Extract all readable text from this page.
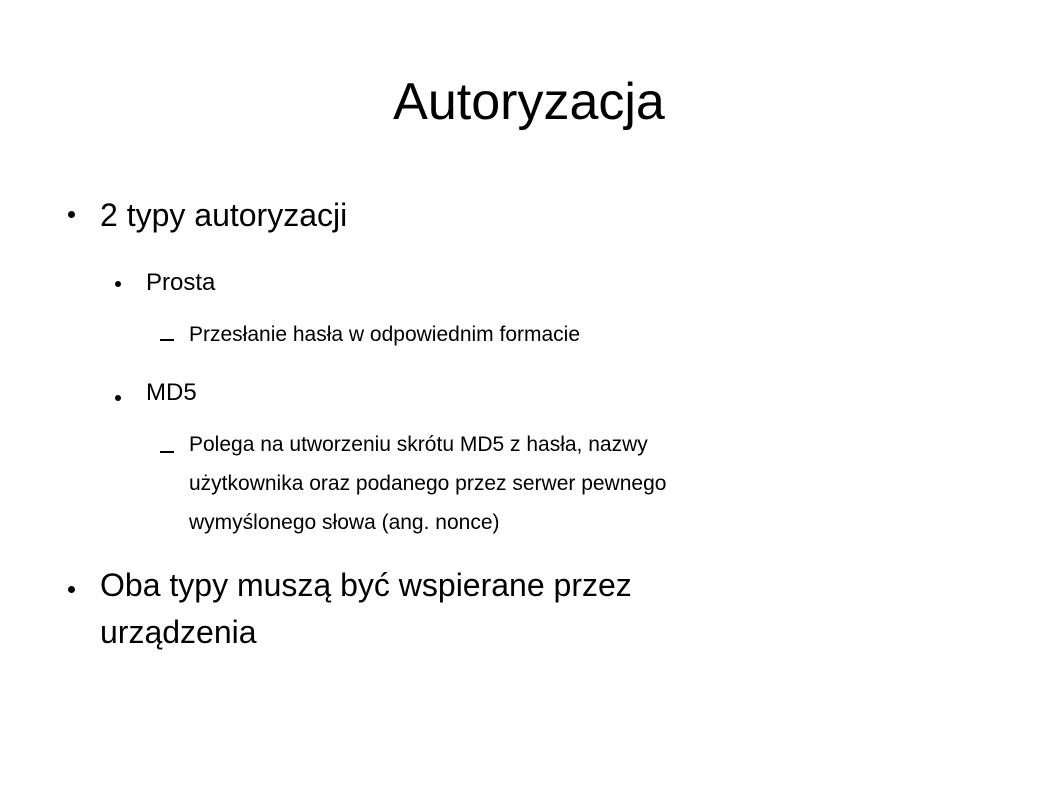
Autoryzacja
2 typy autoryzacji
Prosta
Przesłanie hasła w odpowiednim formacie
MD5
Polega na utworzeniu skrótu MD5 z hasła, nazwy
użytkownika oraz podanego przez serwer pewnego
wymyślonego słowa (ang. nonce)
Oba typy muszą być wspierane przez
urządzenia
